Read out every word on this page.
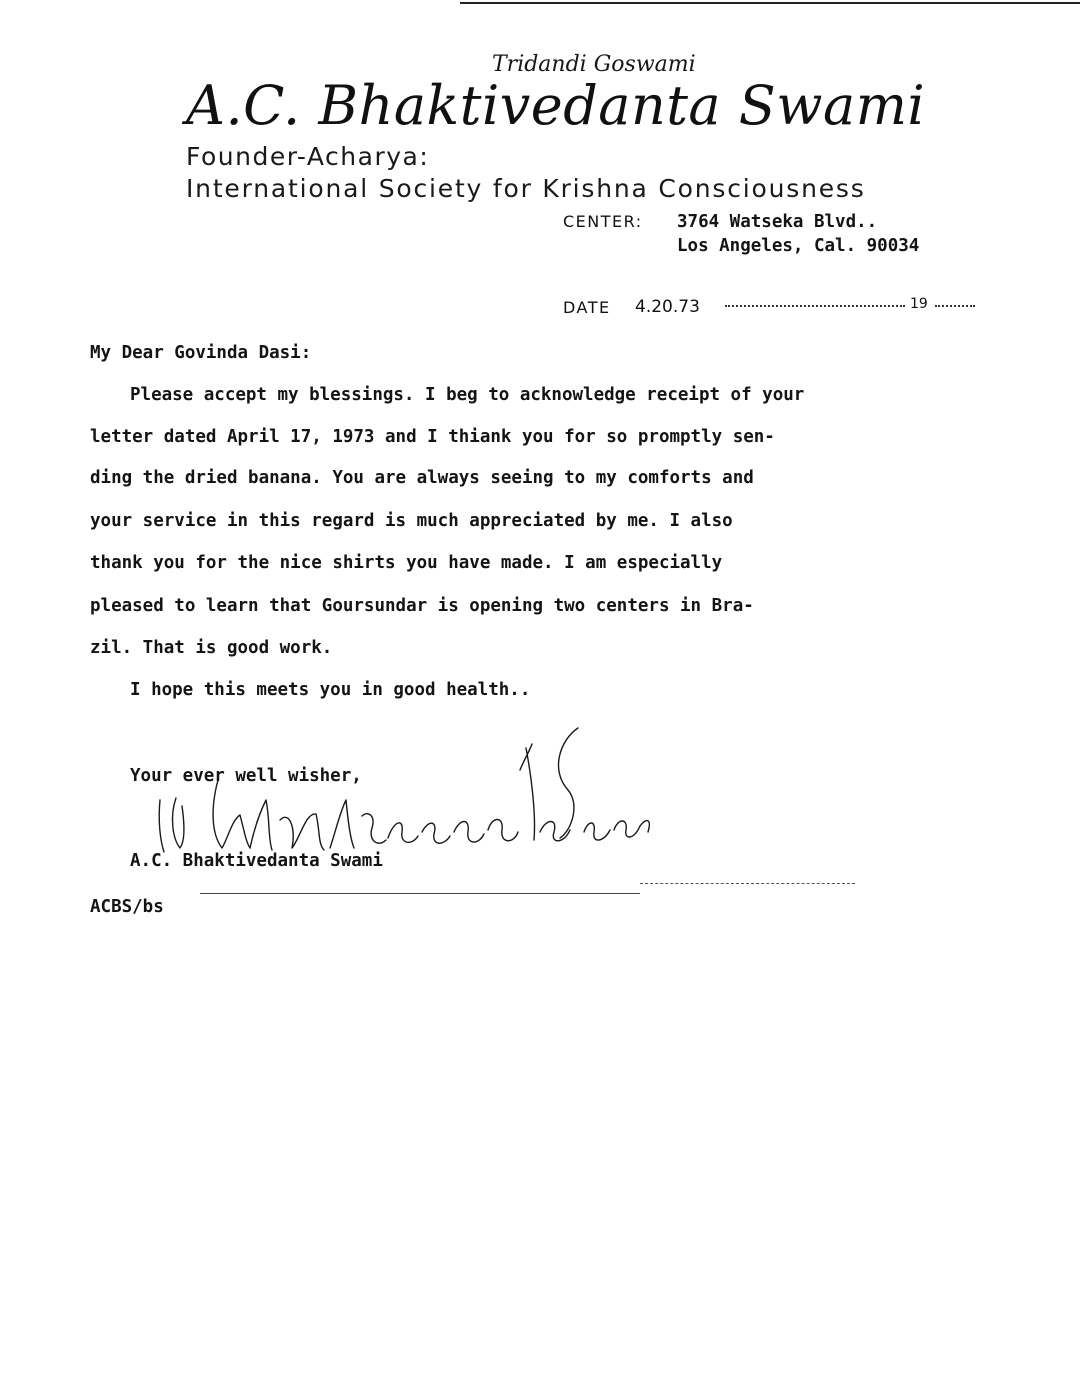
Tridandi Goswami
A.C. Bhaktivedanta Swami
Founder-Acharya:
International Society for Krishna Consciousness
CENTER: 3764 Watseka Blvd..
Los Angeles, Cal. 90034
DATE 4.20.73	19
My Dear Govinda Dasi:
Please accept my blessings. I beg to acknowledge receipt of your
letter dated April 17, 1973 and I thiank you for so promptly sen-
ding the dried banana. You are always seeing to my comforts and
your service in this regard is much appreciated by me. I also
thank you for the nice shirts you have made. I am especially
pleased to learn that Goursundar is opening two centers in Bra-
zil. That is good work.
I hope this meets you in good health..
Your ever well wisher,
A.C. Bhaktivedanta Swami
ACBS/bs
